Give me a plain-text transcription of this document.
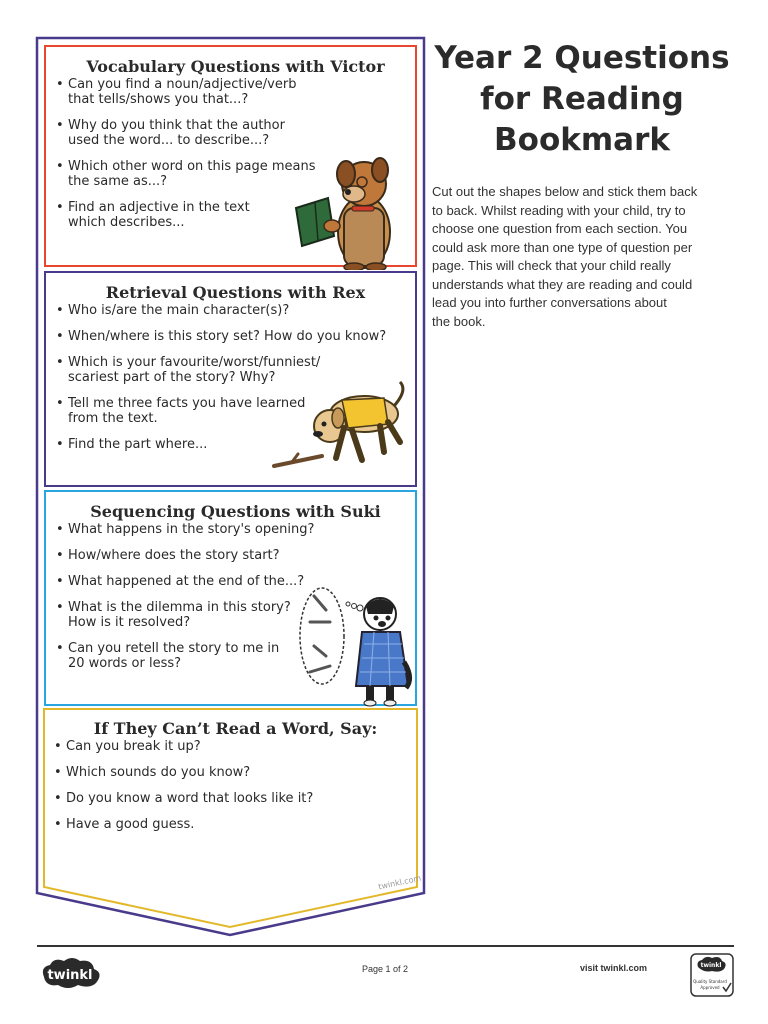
Vocabulary Questions with Victor
• Can you find a noun/adjective/verb
that tells/shows you that...?
• Why do you think that the author
used the word... to describe...?
• Which other word on this page means
the same as...?
• Find an adjective in the text
which describes...
Retrieval Questions with Rex
• Who is/are the main character(s)?
• When/where is this story set? How do you know?
• Which is your favourite/worst/funniest/
scariest part of the story? Why?
• Tell me three facts you have learned
from the text.
• Find the part where...
Sequencing Questions with Suki
• What happens in the story's opening?
• How/where does the story start?
• What happened at the end of the...?
• What is the dilemma in this story?
How is it resolved?
• Can you retell the story to me in
20 words or less?
If They Can’t Read a Word, Say:
• Can you break it up?
• Which sounds do you know?
• Do you know a word that looks like it?
• Have a good guess.
twinkl.com
Year 2 Questions
for Reading
Bookmark
Cut out the shapes below and stick them back
to back. Whilst reading with your child, try to
choose one question from each section. You
could ask more than one type of question per
page. This will check that your child really
understands what they are reading and could
lead you into further conversations about
the book.
twinkl	Page 1 of 2	visit twinkl.com	twinkl
Quality Standard
Approved
